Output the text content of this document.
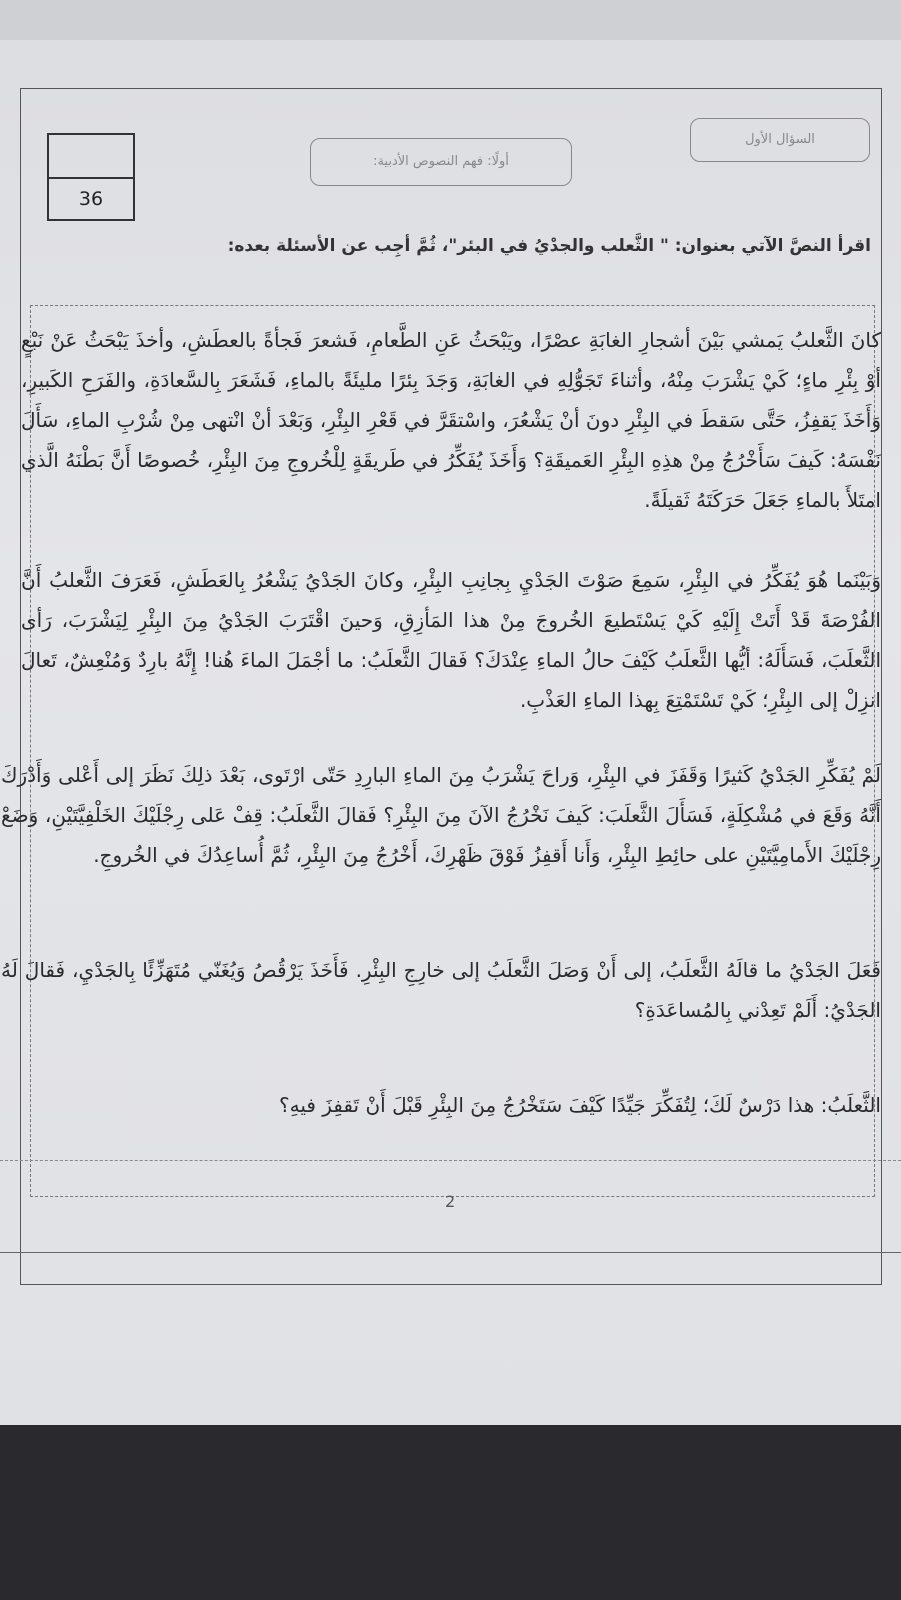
36
أولًا: فهم النصوص الأدبية:
السؤال الأول
اقرأ النصَّ الآتي بعنوان: " الثَّعلب والجدْيُ في البئر"، ثُمَّ أجِب عن الأسئلة بعده:
كانَ الثَّعلبُ يَمشي بَيْنَ أشجارِ الغابَةِ عصْرًا، ويَبْحَثُ عَنِ الطَّعامِ، فَشعرَ فَجأةً بالعطَشِ، وأخذَ يَبْحَثُ عَنْ نَبْعٍ أوْ بِئْرِ ماءٍ؛ كَيْ يَشْرَبَ مِنْهُ، وأثناءَ تَجَوُّلِهِ في الغابَةِ، وَجَدَ بِئرًا مليئَةً بالماءِ، فَشَعَرَ بِالسَّعادَةِ، والفَرَحِ الكَبيرِ، وَأَخَذَ يَقفِزُ، حَتَّى سَقطَ في البِئْرِ دونَ أنْ يَشْعُرَ، واسْتقَرَّ في قَعْرِ البِئْرِ، وَبَعْدَ أنْ انْتهى مِنْ شُرْبِ الماءِ، سَأَلَ نَفْسَهُ: كَيفَ سَأَخْرُجُ مِنْ هذِهِ البِئْرِ العَميقَةِ؟ وَأَخَذَ يُفَكِّرُ في طَريقَةٍ لِلْخُروجِ مِنَ البِئْرِ، خُصوصًا أَنَّ بَطْنَهُ الَّذي امتَلأَ بالماءِ جَعَلَ حَرَكَتَهُ ثَقيلَةً.
وَبَيْنَما هُوَ يُفَكِّرُ في البِئْرِ، سَمِعَ صَوْتَ الجَدْيِ بِجانِبِ البِئْرِ، وكانَ الجَدْيُ يَشْعُرُ بِالعَطَشِ، فَعَرَفَ الثَّعلبُ أَنَّ الفُرْصَةَ قَدْ أَتَتْ إِلَيْهِ كَيْ يَسْتَطيعَ الخُروجَ مِنْ هذا المَأزِقِ، وَحينَ اقْتَرَبَ الجَدْيُ مِنَ البِئْرِ لِيَشْرَبَ، رَأى الثَّعلَبَ، فَسَأَلَهُ: أيُّها الثَّعلَبُ كَيْفَ حالُ الماءِ عِنْدَكَ؟ فَقالَ الثَّعلَبُ: ما أجْمَلَ الماءَ هُنا! إِنَّهُ بارِدٌ وَمُنْعِشٌ، تَعالَ انزِلْ إلى البِئْرِ؛ كَيْ تَسْتَمْتِعَ بِهذا الماءِ العَذْبِ.
لَمْ يُفَكِّرِ الجَدْيُ كَثيرًا وَقَفَزَ في البِئْرِ، وَراحَ يَشْرَبُ مِنَ الماءِ البارِدِ حَتّى ارْتَوى، بَعْدَ ذلِكَ نَظَرَ إلى أَعْلى وَأَدْرَكَ أَنَّهُ وَقَعَ في مُشْكِلَةٍ، فَسَأَلَ الثَّعلَبَ: كَيفَ نَخْرُجُ الآنَ مِنَ البِئْرِ؟ فَقالَ الثَّعلَبُ: قِفْ عَلى رِجْلَيْكَ الخَلْفِيَّتَيْنِ، وَضَعْ رِجْلَيْكَ الأَمامِيَّتَيْنِ على حائِطِ البِئْرِ، وَأَنا أَقفِزُ فَوْقَ ظَهْرِكَ، أَخْرُجُ مِنَ البِئْرِ، ثُمَّ أُساعِدُكَ في الخُروجِ.
فَعَلَ الجَدْيُ ما قالَهُ الثَّعلَبُ، إلى أَنْ وَصَلَ الثَّعلَبُ إلى خارِجِ البِئْرِ. فَأَخَذَ يَرْقُصُ وَيُغَنّي مُتَهَزِّئًا بِالجَدْيِ، فَقالَ لَهُ الجَدْيُ: أَلَمْ تَعِدْني بِالمُساعَدَةِ؟
الثَّعلَبُ: هذا دَرْسٌ لَكَ؛ لِتُفَكِّرَ جَيِّدًا كَيْفَ سَتَخْرُجُ مِنَ البِئْرِ قَبْلَ أَنْ تَقفِزَ فيهِ؟
2
